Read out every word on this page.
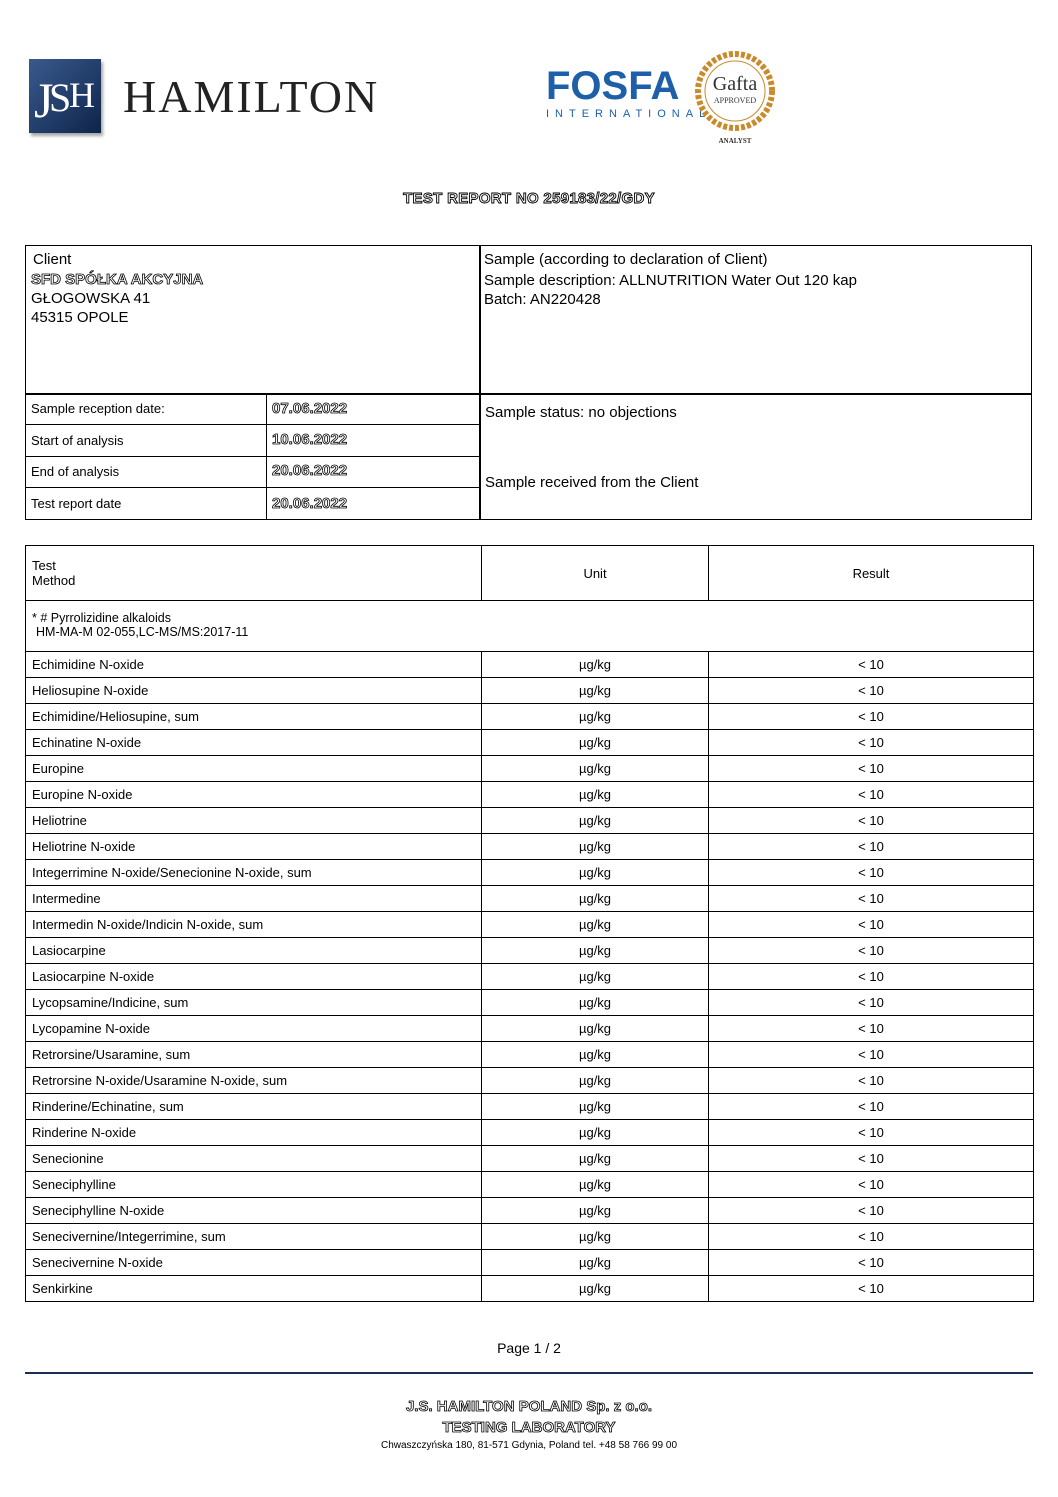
J
S
H HAMILTON	FOSFA
INTERNATIONAL
Gafta
APPROVED
ANALYST
TEST REPORT NO 259183/22/GDY
Client
SFD SPÓŁKA AKCYJNA
GŁOGOWSKA 41
45315 OPOLE
Sample (according to declaration of Client)
Sample description: ALLNUTRITION Water Out 120 kap
Batch: AN220428
Sample reception date:	07.06.2022
Start of analysis	10.06.2022
End of analysis	20.06.2022
Test report date	20.06.2022
Sample status: no objections
Sample received from the Client
Test
Method	Unit	Result

* # Pyrrolizidine alkaloids
HM-MA-M 02-055,LC-MS/MS:2017-11		

Echimidine N-oxide	µg/kg	< 10
Heliosupine N-oxide	µg/kg	< 10
Echimidine/Heliosupine, sum	µg/kg	< 10
Echinatine N-oxide	µg/kg	< 10
Europine	µg/kg	< 10
Europine N-oxide	µg/kg	< 10
Heliotrine	µg/kg	< 10
Heliotrine N-oxide	µg/kg	< 10
Integerrimine N-oxide/Senecionine N-oxide, sum	µg/kg	< 10
Intermedine	µg/kg	< 10
Intermedin N-oxide/Indicin N-oxide, sum	µg/kg	< 10
Lasiocarpine	µg/kg	< 10
Lasiocarpine N-oxide	µg/kg	< 10
Lycopsamine/Indicine, sum	µg/kg	< 10
Lycopamine N-oxide	µg/kg	< 10
Retrorsine/Usaramine, sum	µg/kg	< 10
Retrorsine N-oxide/Usaramine N-oxide, sum	µg/kg	< 10
Rinderine/Echinatine, sum	µg/kg	< 10
Rinderine N-oxide	µg/kg	< 10
Senecionine	µg/kg	< 10
Seneciphylline	µg/kg	< 10
Seneciphylline N-oxide	µg/kg	< 10
Senecivernine/Integerrimine, sum	µg/kg	< 10
Senecivernine N-oxide	µg/kg	< 10
Senkirkine	µg/kg	< 10
Page 1 / 2
J.S. HAMILTON POLAND Sp. z o.o.
TESTING LABORATORY
Chwaszczyńska 180, 81-571 Gdynia, Poland tel. +48 58 766 99 00
